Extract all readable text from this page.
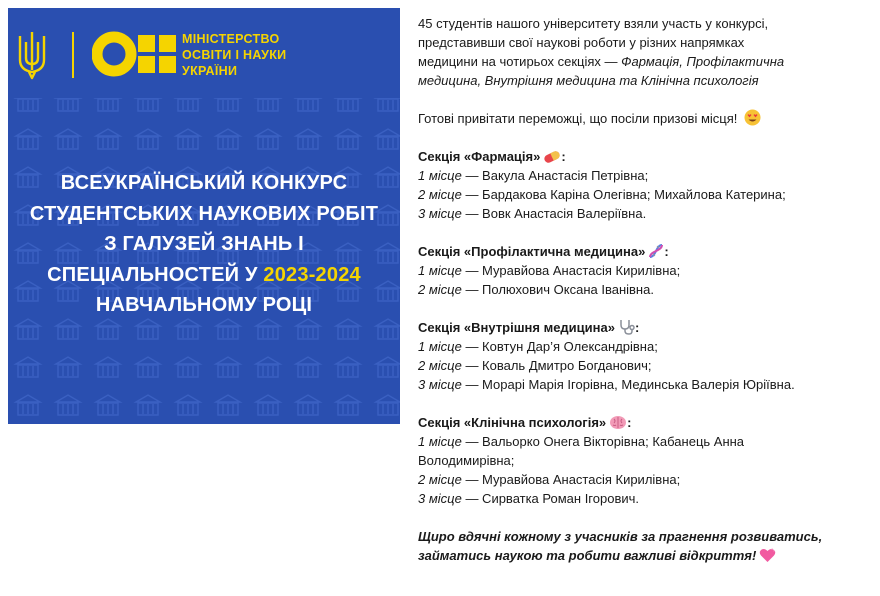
МІНІСТЕРСТВО
ОСВІТИ І НАУКИ
УКРАЇНИ
ВСЕУКРАЇНСЬКИЙ КОНКУРС
СТУДЕНТСЬКИХ НАУКОВИХ РОБІТ
З ГАЛУЗЕЙ ЗНАНЬ І
СПЕЦІАЛЬНОСТЕЙ У 2023-2024
НАВЧАЛЬНОМУ РОЦІ
45 студентів нашого університету взяли участь у конкурсі,
представивши свої наукові роботи у різних напрямках
медицини на чотирьох секціях — Фармація, Профілактична
медицина, Внутрішня медицина та Клінічна психологія
Готові привітати переможці, що посіли призові місця!
Секція «Фармація» :
1 місце — Вакула Анастасія Петрівна;
2 місце — Бардакова Каріна Олегівна; Михайлова Катерина;
3 місце — Вовк Анастасія Валеріївна.
Секція «Профілактична медицина» :
1 місце — Муравйова Анастасія Кирилівна;
2 місце — Полюхович Оксана Іванівна.
Секція «Внутрішня медицина» :
1 місце — Ковтун Дар’я Олександрівна;
2 місце — Коваль Дмитро Богданович;
3 місце — Морарі Марія Ігорівна, Мединська Валерія Юріївна.
Секція «Клінічна психологія» :
1 місце — Вальорко Онега Вікторівна; Кабанець Анна
Володимирівна;
2 місце — Муравйова Анастасія Кирилівна;
3 місце — Сирватка Роман Ігорович.
Щиро вдячні кожному з учасників за прагнення розвиватись,
займатись наукою та робити важливі відкриття!
